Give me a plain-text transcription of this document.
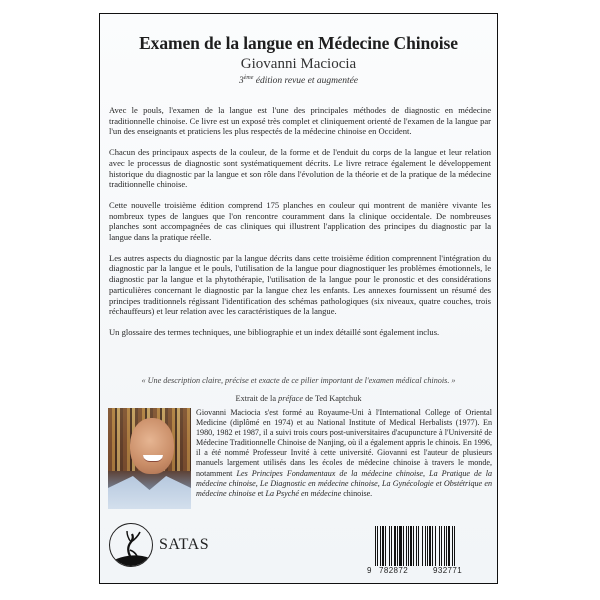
Examen de la langue en Médecine Chinoise
Giovanni Maciocia
3ème édition revue et augmentée

Avec le pouls, l'examen de la langue est l'une des principales méthodes de diagnostic en médecine traditionnelle chinoise. Ce livre est un exposé très complet et cliniquement orienté de l'examen de la langue par l'un des enseignants et praticiens les plus respectés de la médecine chinoise en Occident.

Chacun des principaux aspects de la couleur, de la forme et de l'enduit du corps de la langue et leur relation avec le processus de diagnostic sont systématiquement décrits. Le livre retrace également le développement historique du diagnostic par la langue et son rôle dans l'évolution de la théorie et de la pratique de la médecine traditionnelle chinoise.

Cette nouvelle troisième édition comprend 175 planches en couleur qui montrent de manière vivante les nombreux types de langues que l'on rencontre couramment dans la clinique occidentale. De nombreuses planches sont accompagnées de cas cliniques qui illustrent l'application des principes du diagnostic par la langue dans la pratique réelle.

Les autres aspects du diagnostic par la langue décrits dans cette troisième édition comprennent l'intégration du diagnostic par la langue et le pouls, l'utilisation de la langue pour diagnostiquer les problèmes émotionnels, le diagnostic par la langue et la phytothérapie, l'utilisation de la langue pour le pronostic et des considérations particulières concernant le diagnostic par la langue chez les enfants. Les annexes fournissent un résumé des principes traditionnels régissant l'identification des schémas pathologiques (six niveaux, quatre couches, trois réchauffeurs) et leur relation avec les caractéristiques de la langue.

Un glossaire des termes techniques, une bibliographie et un index détaillé sont également inclus.

« Une description claire, précise et exacte de ce pilier important de l'examen médical chinois. »
Extrait de la préface de Ted Kaptchuk
Giovanni Maciocia s'est formé au Royaume-Uni à l'International College of Oriental Medicine (diplômé en 1974) et au National Institute of Medical Herbalists (1977). En 1980, 1982 et 1987, il a suivi trois cours post-universitaires d'acupuncture à l'Université de Médecine Traditionnelle Chinoise de Nanjing, où il a également appris le chinois. En 1996, il a été nommé Professeur Invité à cette université. Giovanni est l'auteur de plusieurs manuels largement utilisés dans les écoles de médecine chinoise à travers le monde, notamment Les Principes Fondamentaux de la médecine chinoise, La Pratique de la médecine chinoise, Le Diagnostic en médecine chinoise, La Gynécologie et Obstétrique en médecine chinoise et La Psyché en médecine chinoise.
SATAS
9 782872	932771
